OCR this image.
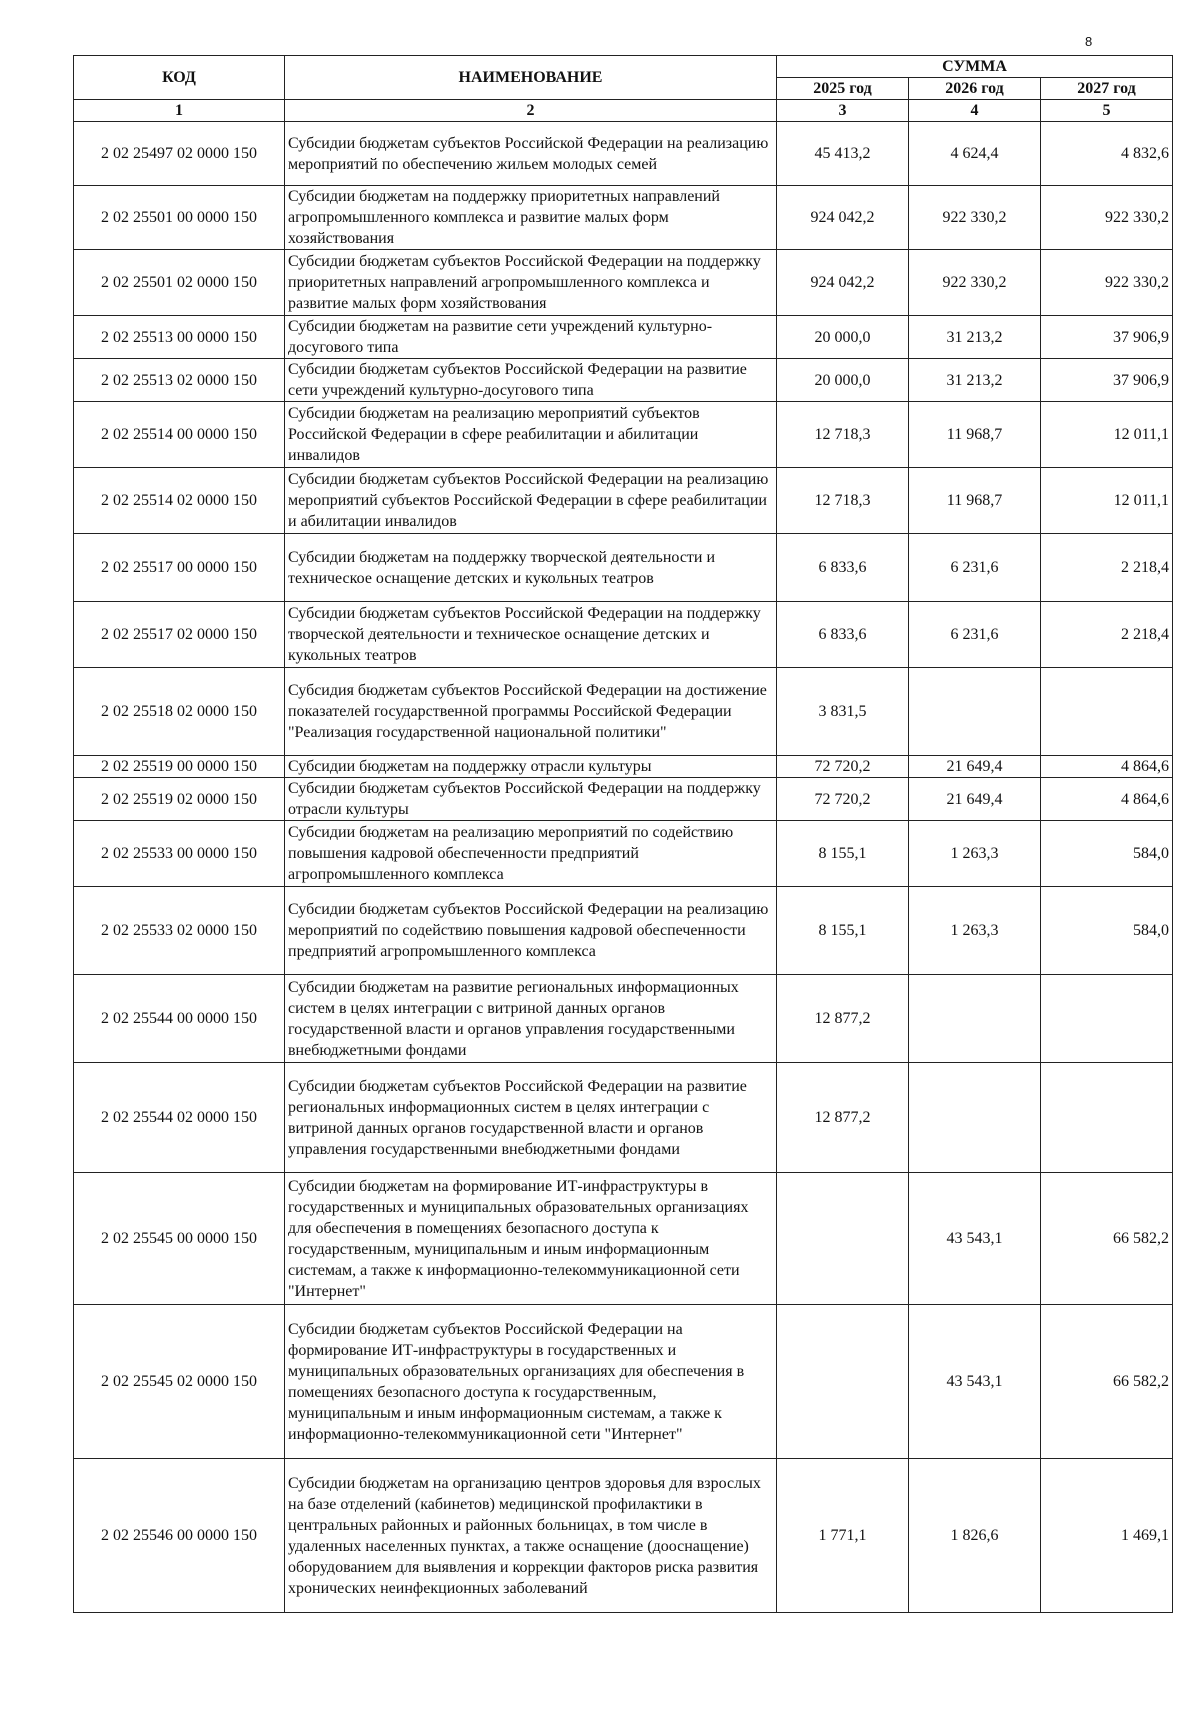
8
КОД	НАИМЕНОВАНИЕ	СУММА		
		2025 год	2026 год	2027 год
1	2	3	4	5
2 02 25497 02 0000 150	Субсидии бюджетам субъектов Российской Федерации на реализацию мероприятий по обеспечению жильем молодых семей	45 413,2	4 624,4	4 832,6
2 02 25501 00 0000 150	Субсидии бюджетам на поддержку приоритетных направлений агропромышленного комплекса и развитие малых форм хозяйствования	924 042,2	922 330,2	922 330,2
2 02 25501 02 0000 150	Субсидии бюджетам субъектов Российской Федерации на поддержку приоритетных направлений агропромышленного комплекса и развитие малых форм хозяйствования	924 042,2	922 330,2	922 330,2
2 02 25513 00 0000 150	Субсидии бюджетам на развитие сети учреждений культурно-досугового типа	20 000,0	31 213,2	37 906,9
2 02 25513 02 0000 150	Субсидии бюджетам субъектов Российской Федерации на развитие сети учреждений культурно-досугового типа	20 000,0	31 213,2	37 906,9
2 02 25514 00 0000 150	Субсидии бюджетам на реализацию мероприятий субъектов Российской Федерации в сфере реабилитации и абилитации инвалидов	12 718,3	11 968,7	12 011,1
2 02 25514 02 0000 150	Субсидии бюджетам субъектов Российской Федерации на реализацию мероприятий субъектов Российской Федерации в сфере реабилитации и абилитации инвалидов	12 718,3	11 968,7	12 011,1
2 02 25517 00 0000 150	Субсидии бюджетам на поддержку творческой деятельности и техническое оснащение детских и кукольных театров	6 833,6	6 231,6	2 218,4
2 02 25517 02 0000 150	Субсидии бюджетам субъектов Российской Федерации на поддержку творческой деятельности и техническое оснащение детских и кукольных театров	6 833,6	6 231,6	2 218,4
2 02 25518 02 0000 150	Субсидия бюджетам субъектов Российской Федерации на достижение показателей государственной программы Российской Федерации "Реализация государственной национальной политики"	3 831,5		
2 02 25519 00 0000 150	Субсидии бюджетам на поддержку отрасли культуры	72 720,2	21 649,4	4 864,6
2 02 25519 02 0000 150	Субсидии бюджетам субъектов Российской Федерации на поддержку отрасли культуры	72 720,2	21 649,4	4 864,6
2 02 25533 00 0000 150	Субсидии бюджетам на реализацию мероприятий по содействию повышения кадровой обеспеченности предприятий агропромышленного комплекса	8 155,1	1 263,3	584,0
2 02 25533 02 0000 150	Субсидии бюджетам субъектов Российской Федерации на реализацию мероприятий по содействию повышения кадровой обеспеченности предприятий агропромышленного комплекса	8 155,1	1 263,3	584,0
2 02 25544 00 0000 150	Субсидии бюджетам на развитие региональных информационных систем в целях интеграции с витриной данных органов государственной власти и органов управления государственными внебюджетными фондами	12 877,2		
2 02 25544 02 0000 150	Субсидии бюджетам субъектов Российской Федерации на развитие региональных информационных систем в целях интеграции с витриной данных органов государственной власти и органов управления государственными внебюджетными фондами	12 877,2		
2 02 25545 00 0000 150	Субсидии бюджетам на формирование ИТ-инфраструктуры в государственных и муниципальных образовательных организациях для обеспечения в помещениях безопасного доступа к государственным, муниципальным и иным информационным системам, а также к информационно-телекоммуникационной сети "Интернет"		43 543,1	66 582,2
2 02 25545 02 0000 150	Субсидии бюджетам субъектов Российской Федерации на формирование ИТ-инфраструктуры в государственных и муниципальных образовательных организациях для обеспечения в помещениях безопасного доступа к государственным, муниципальным и иным информационным системам, а также к информационно-телекоммуникационной сети "Интернет"		43 543,1	66 582,2
2 02 25546 00 0000 150	Субсидии бюджетам на организацию центров здоровья для взрослых на базе отделений (кабинетов) медицинской профилактики в центральных районных и районных больницах, в том числе в удаленных населенных пунктах, а также оснащение (дооснащение) оборудованием для выявления и коррекции факторов риска развития хронических неинфекционных заболеваний	1 771,1	1 826,6	1 469,1
